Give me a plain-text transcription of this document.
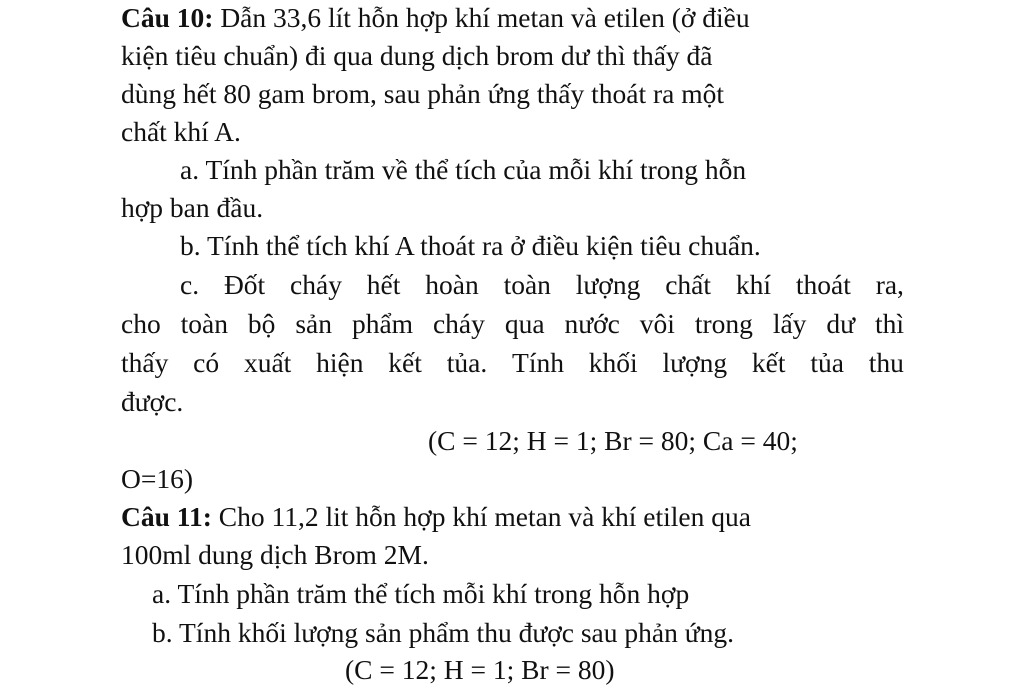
Câu 10: Dẫn 33,6 lít hỗn hợp khí metan và etilen (ở điều
kiện tiêu chuẩn) đi qua dung dịch brom dư thì thấy đã
dùng hết 80 gam brom, sau phản ứng thấy thoát ra một
chất khí A.
a. Tính phần trăm về thể tích của mỗi khí trong hỗn
hợp ban đầu.
b. Tính thể tích khí A thoát ra ở điều kiện tiêu chuẩn.
c. Đốt cháy hết hoàn toàn lượng chất khí thoát ra,
cho toàn bộ sản phẩm cháy qua nước vôi trong lấy dư thì
thấy có xuất hiện kết tủa. Tính khối lượng kết tủa thu
được.
(C = 12; H = 1; Br = 80; Ca = 40;
O=16)
Câu 11: Cho 11,2 lit hỗn hợp khí metan và khí etilen qua
100ml dung dịch Brom 2M.
a. Tính phần trăm thể tích mỗi khí trong hỗn hợp
b. Tính khối lượng sản phẩm thu được sau phản ứng.
(C = 12; H = 1; Br = 80)
